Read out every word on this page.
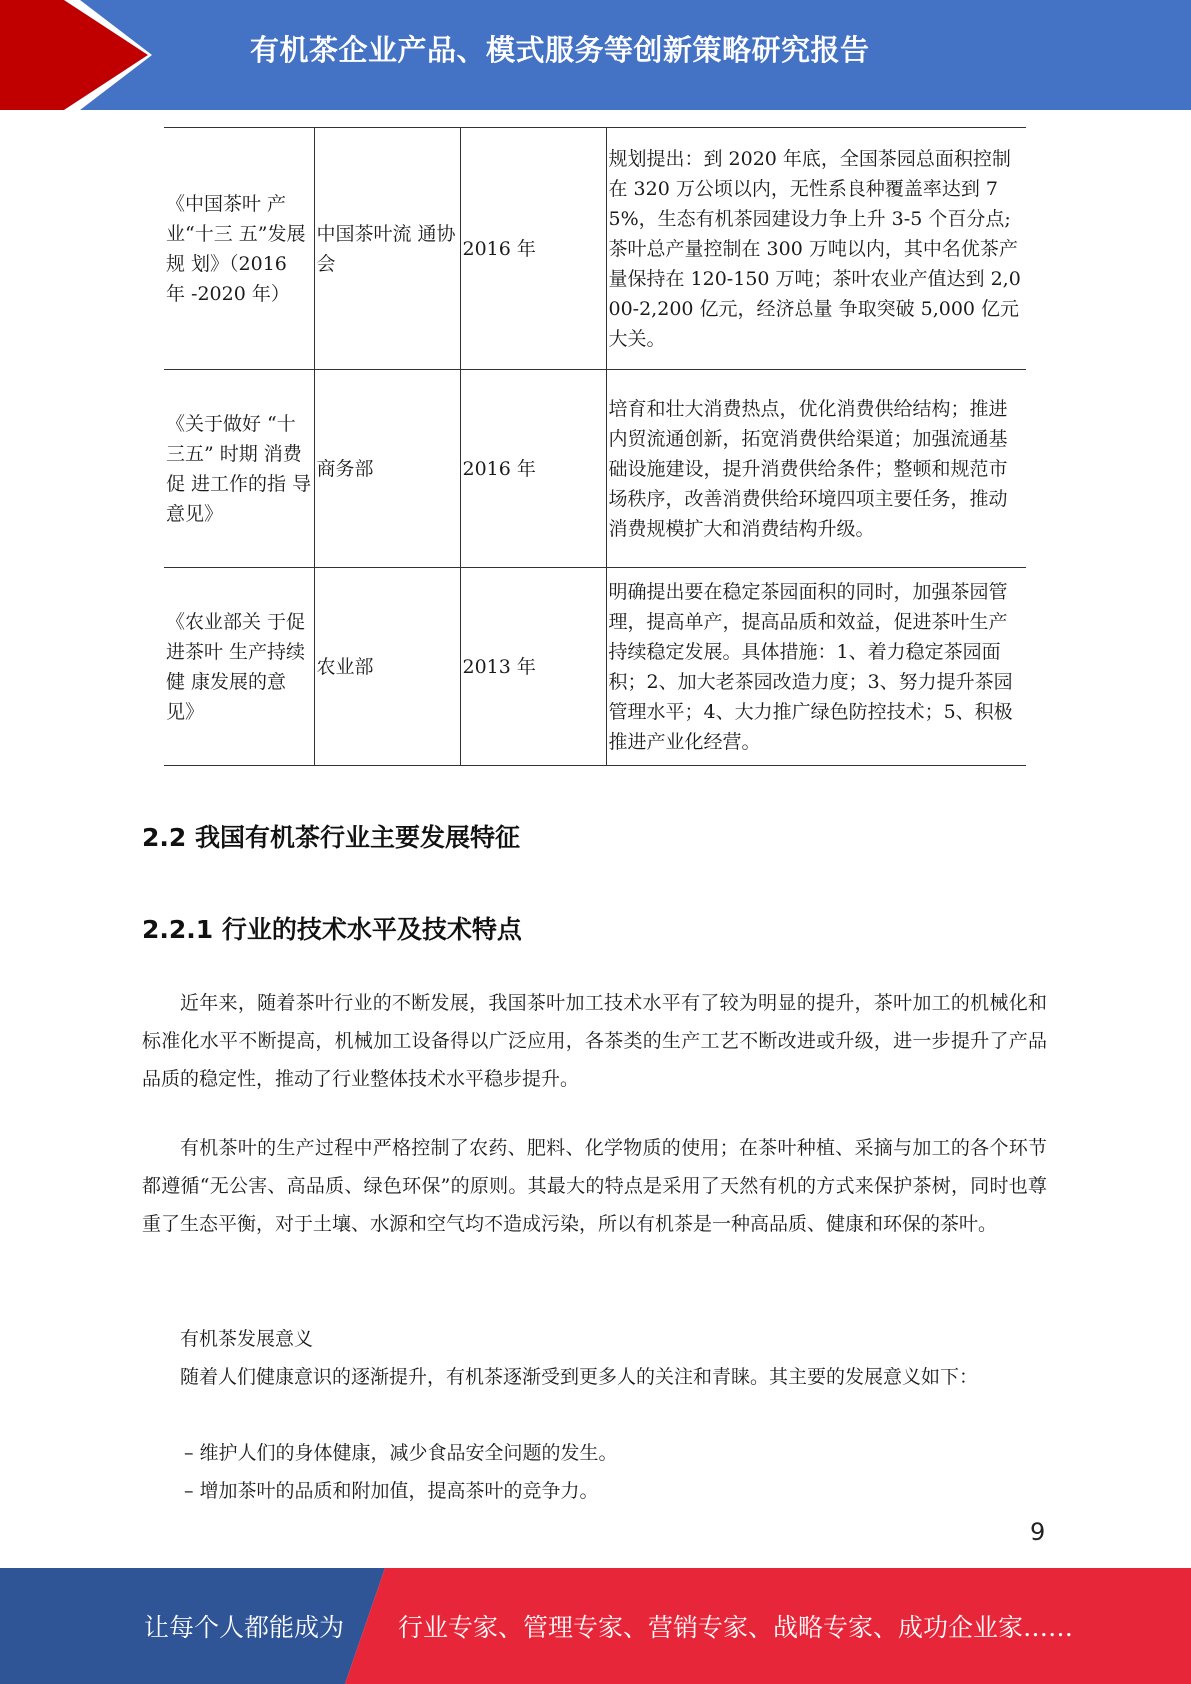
有机茶企业产品、模式服务等创新策略研究报告
《中国茶叶 产业“十三 五”发展规 划》（2016 年 -2020 年）	中国茶叶流 通协会	2016 年	规划提出：到 2020 年底，全国茶园总面积控制在 320 万公顷以内，无性系良种覆盖率达到 75%，生态有机茶园建设力争上升 3-5 个百分点;茶叶总产量控制在 300 万吨以内，其中名优茶产量保持在 120-150 万吨；茶叶农业产值达到 2,000-2,200 亿元，经济总量 争取突破 5,000 亿元大关。
《关于做好 “十三五” 时期 消费促 进工作的指 导意见》	商务部	2016 年	培育和壮大消费热点，优化消费供给结构；推进内贸流通创新，拓宽消费供给渠道；加强流通基础设施建设，提升消费供给条件；整顿和规范市场秩序，改善消费供给环境四项主要任务，推动消费规模扩大和消费结构升级。
《农业部关 于促进茶叶 生产持续健 康发展的意 见》	农业部	2013 年	明确提出要在稳定茶园面积的同时，加强茶园管理，提高单产，提高品质和效益，促进茶叶生产持续稳定发展。具体措施：1、着力稳定茶园面积；2、加大老茶园改造力度；3、努力提升茶园管理水平；4、大力推广绿色防控技术；5、积极推进产业化经营。
2.2 我国有机茶行业主要发展特征
2.2.1 行业的技术水平及技术特点
近年来，随着茶叶行业的不断发展，我国茶叶加工技术水平有了较为明显的提升，茶叶加工的机械化和标准化水平不断提高，机械加工设备得以广泛应用，各茶类的生产工艺不断改进或升级，进一步提升了产品品质的稳定性，推动了行业整体技术水平稳步提升。
有机茶叶的生产过程中严格控制了农药、肥料、化学物质的使用；在茶叶种植、采摘与加工的各个环节都遵循“无公害、高品质、绿色环保”的原则。其最大的特点是采用了天然有机的方式来保护茶树，同时也尊重了生态平衡，对于土壤、水源和空气均不造成污染，所以有机茶是一种高品质、健康和环保的茶叶。
有机茶发展意义
随着人们健康意识的逐渐提升，有机茶逐渐受到更多人的关注和青睐。其主要的发展意义如下：
– 维护人们的身体健康，减少食品安全问题的发生。
– 增加茶叶的品质和附加值，提高茶叶的竞争力。
9
让每个人都能成为 行业专家、管理专家、营销专家、战略专家、成功企业家……
